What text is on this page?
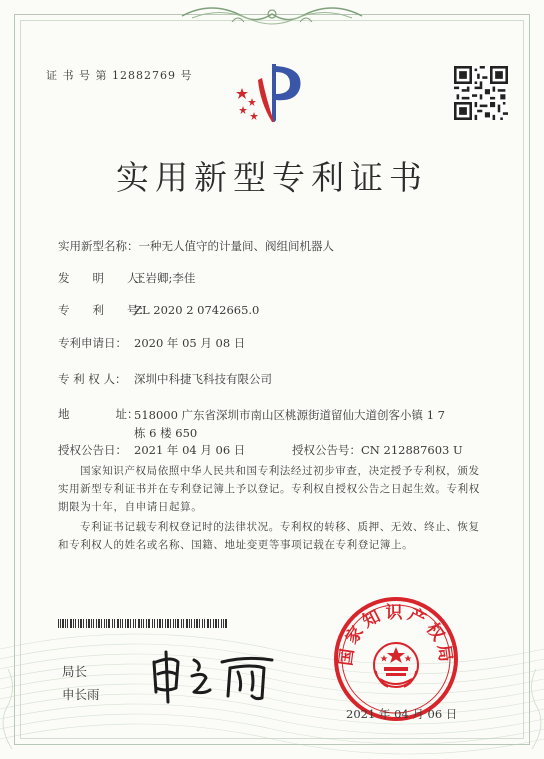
证 书 号 第 12882769 号
实用新型专利证书
实用新型名称：一种无人值守的计量间、阀组间机器人
发　　明　　人：王岩卿;李佳
专　　利　　号：ZL 2020 2 0742665.0
专利申请日： 2020 年 05 月 08 日
专 利 权 人： 深圳中科捷飞科技有限公司
地　　　　址：
518000 广东省深圳市南山区桃源街道留仙大道创客小镇 1 7 栋 6 楼 650
授权公告日： 2021 年 04 月 06 日	授权公告号：CN 212887603 U
国家知识产权局依照中华人民共和国专利法经过初步审查，决定授予专利权，颁发实用新型专利证书并在专利登记簿上予以登记。专利权自授权公告之日起生效。专利权期限为十年，自申请日起算。
专利证书记载专利权登记时的法律状况。专利权的转移、质押、无效、终止、恢复和专利权人的姓名或名称、国籍、地址变更等事项记载在专利登记簿上。
局长
申长雨
国家知识产权局
2021 年 04 月 06 日
